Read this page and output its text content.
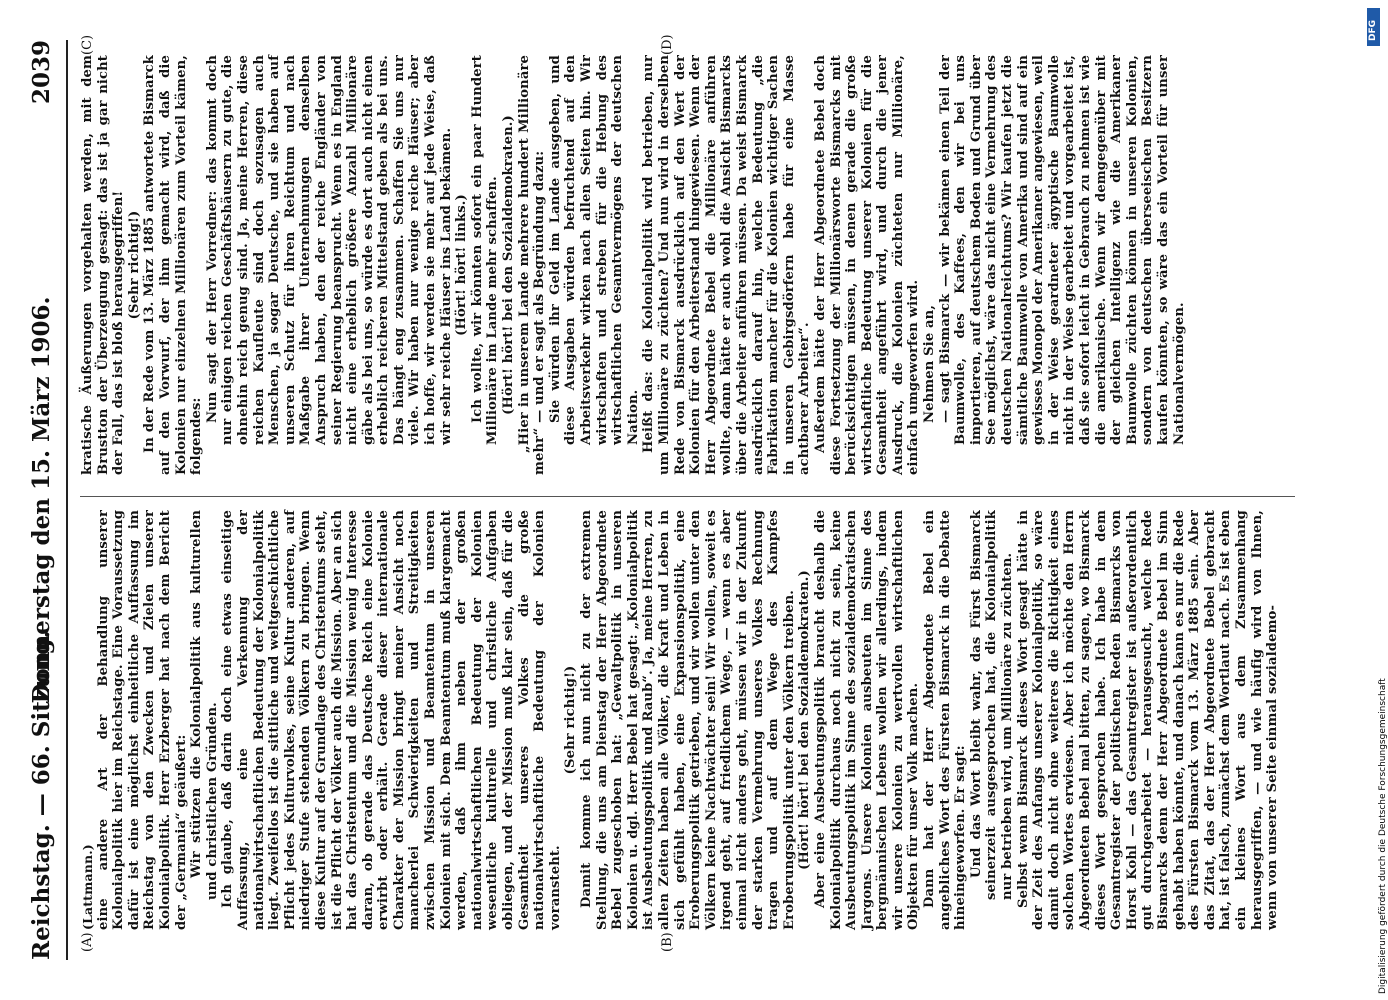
Reichstag. — 66. Sitzung.
Donnerstag den 15. März 1906.
2039
(A)	(B)
(C)	(D)

(Lattmann.) eine andere Art der Behandlung unserer Kolonialpolitik hier im Reichstage. Eine Voraussetzung dafür ist eine möglichst einheitliche Auffassung im Reichstag von den Zwecken und Zielen unserer Kolonialpolitik. Herr Erzberger hat nach dem Bericht der „Germania“ geäußert: Wir stützen die Kolonialpolitik aus kulturellen und christlichen Gründen. Ich glaube, daß darin doch eine etwas einseitige Auffassung, eine Verkennung der nationalwirtschaftlichen Bedeutung der Kolonialpolitik liegt. Zweifellos ist die sittliche und weltgeschichtliche Pflicht jedes Kulturvolkes, seine Kultur anderen, auf niedriger Stufe stehenden Völkern zu bringen. Wenn diese Kultur auf der Grundlage des Christentums steht, ist die Pflicht der Völker auch die Mission. Aber an sich hat das Christentum und die Mission wenig Interesse daran, ob gerade das Deutsche Reich eine Kolonie erwirbt oder erhält. Gerade dieser internationale Charakter der Mission bringt meiner Ansicht noch mancherlei Schwierigkeiten und Streitigkeiten zwischen Mission und Beamtentum in unseren Kolonien mit sich. Dem Beamtentum muß klargemacht werden, daß ihm neben der großen nationalwirtschaftlichen Bedeutung der Kolonien wesentliche kulturelle und christliche Aufgaben obliegen, und der Mission muß klar sein, daß für die Gesamtheit unseres Volkes die große nationalwirtschaftliche Bedeutung der Kolonien voransteht.

(Sehr richtig!) Damit komme ich nun nicht zu der extremen Stellung, die uns am Dienstag der Herr Abgeordnete Bebel zugeschoben hat: „Gewaltpolitik in unseren Kolonien u. dgl. Herr Bebel hat gesagt: „Kolonialpolitik ist Ausbeutungspolitik und Raub“. Ja, meine Herren, zu allen Zeiten haben alle Völker, die Kraft und Leben in sich gefühlt haben, eine Expansionspolitik, eine Eroberungspolitik getrieben, und wir wollen unter den Völkern keine Nachtwächter sein! Wir wollen, soweit es irgend geht, auf friedlichem Wege, — wenn es aber einmal nicht anders geht, müssen wir in der Zukunft der starken Vermehrung unseres Volkes Rechnung tragen und auf dem Wege des Kampfes Eroberungspolitik unter den Völkern treiben. (Hört! hört! bei den Sozialdemokraten.) Aber eine Ausbeutungspolitik braucht deshalb die Kolonialpolitik durchaus noch nicht zu sein, keine Ausbeutungspolitik im Sinne des sozialdemokratischen Jargons. Unsere Kolonien ausbeuten im Sinne des bergmännischen Lebens wollen wir allerdings, indem wir unsere Kolonien zu wertvollen wirtschaftlichen Objekten für unser Volk machen. Dann hat der Herr Abgeordnete Bebel ein angebliches Wort des Fürsten Bismarck in die Debatte hineingeworfen. Er sagt: Und das Wort bleibt wahr, das Fürst Bismarck seinerzeit ausgesprochen hat, die Kolonialpolitik nur betrieben wird, um Millionäre zu züchten. Selbst wenn Bismarck dieses Wort gesagt hätte in der Zeit des Anfangs unserer Kolonialpolitik, so wäre damit doch nicht ohne weiteres die Richtigkeit eines solchen Wortes erwiesen. Aber ich möchte den Herrn Abgeordneten Bebel mal bitten, zu sagen, wo Bismarck dieses Wort gesprochen habe. Ich habe in dem Gesamtregister der politischen Reden Bismarcks von Horst Kohl — das Gesamtregister ist außerordentlich gut durchgearbeitet — herausgesucht, welche Rede Bismarcks denn der Herr Abgeordnete Bebel im Sinn gehabt haben könnte, und danach kann es nur die Rede des Fürsten Bismarck vom 13. März 1885 sein. Aber das Zitat, das der Herr Abgeordnete Bebel gebracht hat, ist falsch, zunächst dem Wortlaut nach. Es ist eben ein kleines Wort aus dem Zusammenhang herausgegriffen, — und wie häufig wird von Ihnen, wenn von unserer Seite einmal sozialdemo-

kratische Äußerungen vorgehalten werden, mit dem Brustton der Überzeugung gesagt: das ist ja gar nicht der Fall, das ist bloß herausgegriffen! (Sehr richtig!) In der Rede vom 13. März 1885 antwortete Bismarck auf den Vorwurf, der ihm gemacht wird, daß die Kolonien nur einzelnen Millionären zum Vorteil kämen, folgendes:

Nun sagt der Herr Vorredner: das kommt doch nur einigen reichen Geschäftshäusern zu gute, die ohnehin reich genug sind. Ja, meine Herren, diese reichen Kaufleute sind doch sozusagen auch Menschen, ja sogar Deutsche, und sie haben auf unseren Schutz für ihren Reichtum und nach Maßgabe ihrer Unternehmungen denselben Anspruch haben, den der reiche Engländer von seiner Regierung beansprucht. Wenn es in England nicht eine erheblich größere Anzahl Millionäre gäbe als bei uns, so würde es dort auch nicht einen erheblich reicheren Mittelstand geben als bei uns. Das hängt eng zusammen. Schaffen Sie uns nur viele. Wir haben nur wenige reiche Häuser; aber ich hoffe, wir werden sie mehr auf jede Weise, daß wir sehr reiche Häuser ins Land bekämen. (Hört! hört! links.) Ich wollte, wir könnten sofort ein paar Hundert Millionäre im Lande mehr schaffen. (Hört! hört! bei den Sozialdemokraten.) „Hier in unserem Lande mehrere hundert Millionäre mehr“ — und er sagt als Begründung dazu: Sie würden ihr Geld im Lande ausgeben, und diese Ausgaben würden befruchtend auf den Arbeitsverkehr wirken nach allen Seiten hin. Wir wirtschaften und streben für die Hebung des wirtschaftlichen Gesamtvermögens der deutschen Nation. Heißt das: die Kolonialpolitik wird betrieben, nur um Millionäre zu züchten? Und nun wird in derselben Rede von Bismarck ausdrücklich auf den Wert der Kolonien für den Arbeiterstand hingewiesen. Wenn der Herr Abgeordnete Bebel die Millionäre anführen wollte, dann hätte er auch wohl die Ansicht Bismarcks über die Arbeiter anführen müssen. Da weist Bismarck ausdrücklich darauf hin, welche Bedeutung „die Fabrikation mancher für die Kolonien wichtiger Sachen in unseren Gebirgsdörfern habe für eine Masse achtbarer Arbeiter“. Außerdem hätte der Herr Abgeordnete Bebel doch diese Fortsetzung der Millionärsworte Bismarcks mit berücksichtigen müssen, in denen gerade die große wirtschaftliche Bedeutung unserer Kolonien für die Gesamtheit angeführt wird, und durch die jener Ausdruck, die Kolonien züchteten nur Millionäre, einfach umgeworfen wird. Nehmen Sie an, — sagt Bismarck — wir bekämen einen Teil der Baumwolle, des Kaffees, den wir bei uns importieren, auf deutschem Boden und Grund über See möglichst, wäre das nicht eine Vermehrung des deutschen Nationalreichtums? Wir kaufen jetzt die sämtliche Baumwolle von Amerika und sind auf ein gewisses Monopol der Amerikaner angewiesen, weil in der Weise geardneter ägyptische Baumwolle nicht in der Weise gearbeitet und vorgearbeitet ist, daß sie sofort leicht in Gebrauch zu nehmen ist wie die amerikanische. Wenn wir demgegenüber mit der gleichen Intelligenz wie die Amerikaner Baumwolle züchten können in unseren Kolonien, sondern von deutschen überseeischen Besitzern kaufen könnten, so wäre das ein Vorteil für unser Nationalvermögen.

DFG
Digitalisierung gefördert durch die Deutsche Forschungsgemeinschaft
